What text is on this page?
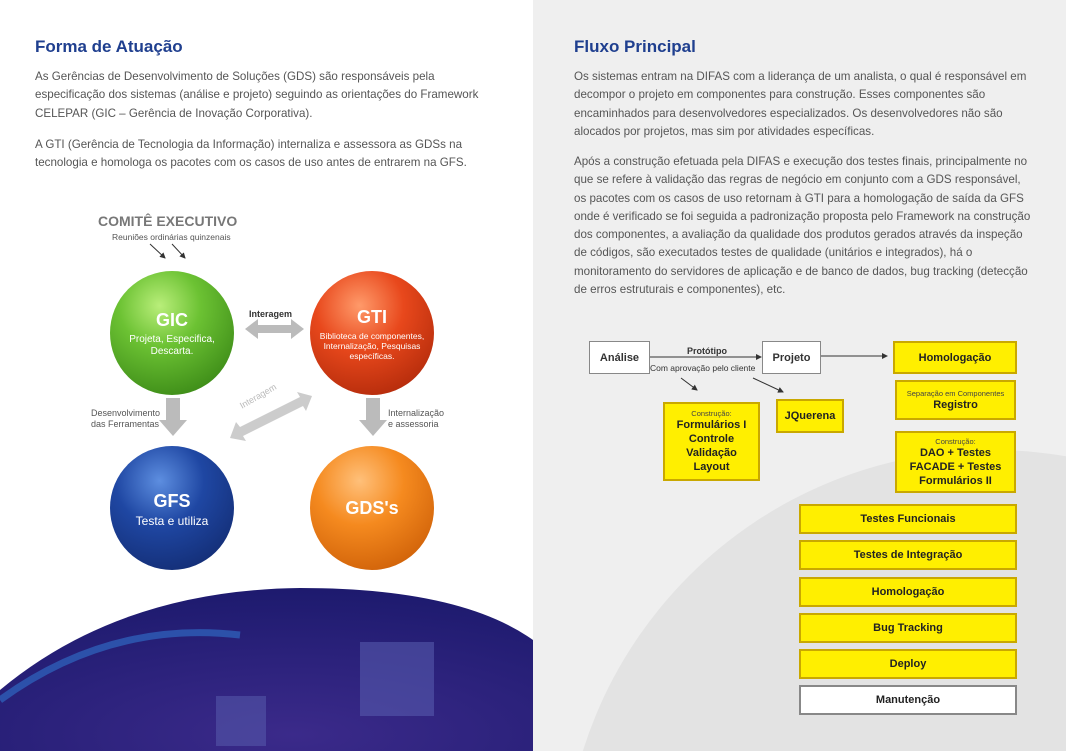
Forma de Atuação

As Gerências de Desenvolvimento de Soluções (GDS) são responsáveis pela especificação dos sistemas (análise e projeto) seguindo as orientações do Framework CELEPAR (GIC – Gerência de Inovação Corporativa).

A GTI (Gerência de Tecnologia da Informação) internaliza e assessora as GDSs na tecnologia e homologa os pacotes com os casos de uso antes de entrarem na GFS.

COMITÊ EXECUTIVO
Reuniões ordinárias quinzenais
Interagem
Interagem
Desenvolvimento
das Ferramentas
Internalização
e assessoria
GIC
Projeta, Especifica, Descarta.
GTI
Biblioteca de componentes, Internalização, Pesquisas específicas.
GFS
Testa e utiliza
GDS's
Fluxo Principal

Os sistemas entram na DIFAS com a liderança de um analista, o qual é responsável em decompor o projeto em componentes para construção. Esses componentes são encaminhados para desenvolvedores especializados. Os desenvolvedores não são alocados por projetos, mas sim por atividades específicas.

Após a construção efetuada pela DIFAS e execução dos testes finais, principalmente no que se refere à validação das regras de negócio em conjunto com a GDS responsável, os pacotes com os casos de uso retornam à GTI para a homologação de saída da GFS onde é verificado se foi seguida a padronização proposta pelo Framework na construção dos componentes, a avaliação da qualidade dos produtos gerados através da inspeção de códigos, são executados testes de qualidade (unitários e integrados), há o monitoramento do servidores de aplicação e de banco de dados, bug tracking (detecção de erros estruturais e componentes), etc.

Análise
Protótipo
Com aprovação pelo cliente
Projeto	Homologação
Separação em Componentes
Registro
Construção:
Formulários I
Controle
Validação
Layout
JQuerena
Construção:
DAO + Testes
FACADE + Testes
Formulários II
Testes Funcionais
Testes de Integração
Homologação
Bug Tracking
Deploy
Manutenção
